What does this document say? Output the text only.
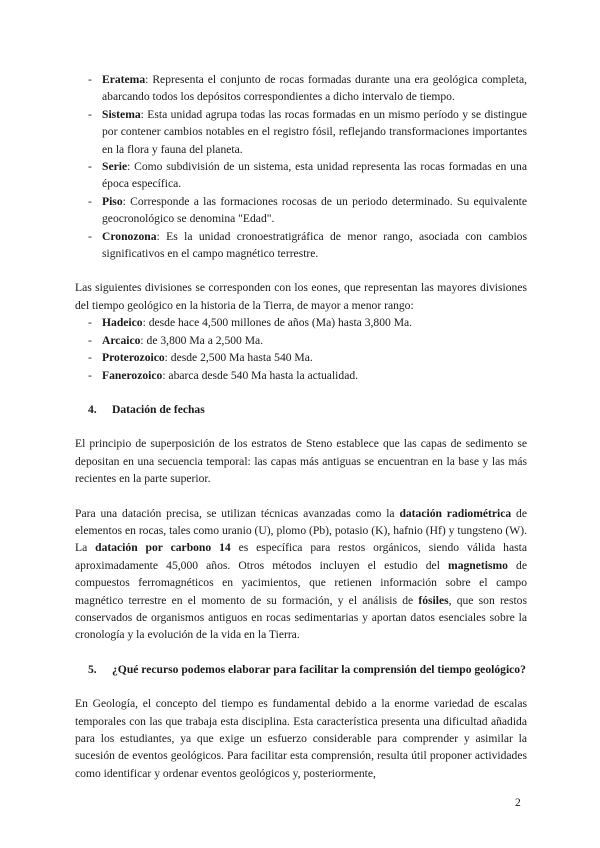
- Eratema: Representa el conjunto de rocas formadas durante una era geológica completa, abarcando todos los depósitos correspondientes a dicho intervalo de tiempo.
- Sistema: Esta unidad agrupa todas las rocas formadas en un mismo período y se distingue por contener cambios notables en el registro fósil, reflejando transformaciones importantes en la flora y fauna del planeta.
- Serie: Como subdivisión de un sistema, esta unidad representa las rocas formadas en una época específica.
- Piso: Corresponde a las formaciones rocosas de un periodo determinado. Su equivalente geocronológico se denomina "Edad".
- Cronozona: Es la unidad cronoestratigráfica de menor rango, asociada con cambios significativos en el campo magnético terrestre.
Las siguientes divisiones se corresponden con los eones, que representan las mayores divisiones del tiempo geológico en la historia de la Tierra, de mayor a menor rango:
- Hadeico: desde hace 4,500 millones de años (Ma) hasta 3,800 Ma.
- Arcaico: de 3,800 Ma a 2,500 Ma.
- Proterozoico: desde 2,500 Ma hasta 540 Ma.
- Fanerozoico: abarca desde 540 Ma hasta la actualidad.
4.	Datación de fechas
El principio de superposición de los estratos de Steno establece que las capas de sedimento se depositan en una secuencia temporal: las capas más antiguas se encuentran en la base y las más recientes en la parte superior.
Para una datación precisa, se utilizan técnicas avanzadas como la datación radiométrica de elementos en rocas, tales como uranio (U), plomo (Pb), potasio (K), hafnio (Hf) y tungsteno (W). La datación por carbono 14 es específica para restos orgánicos, siendo válida hasta aproximadamente 45,000 años. Otros métodos incluyen el estudio del magnetismo de compuestos ferromagnéticos en yacimientos, que retienen información sobre el campo magnético terrestre en el momento de su formación, y el análisis de fósiles, que son restos conservados de organismos antiguos en rocas sedimentarias y aportan datos esenciales sobre la cronología y la evolución de la vida en la Tierra.
5.	¿Qué recurso podemos elaborar para facilitar la comprensión del tiempo geológico?
En Geología, el concepto del tiempo es fundamental debido a la enorme variedad de escalas temporales con las que trabaja esta disciplina. Esta característica presenta una dificultad añadida para los estudiantes, ya que exige un esfuerzo considerable para comprender y asimilar la sucesión de eventos geológicos. Para facilitar esta comprensión, resulta útil proponer actividades como identificar y ordenar eventos geológicos y, posteriormente,
2
